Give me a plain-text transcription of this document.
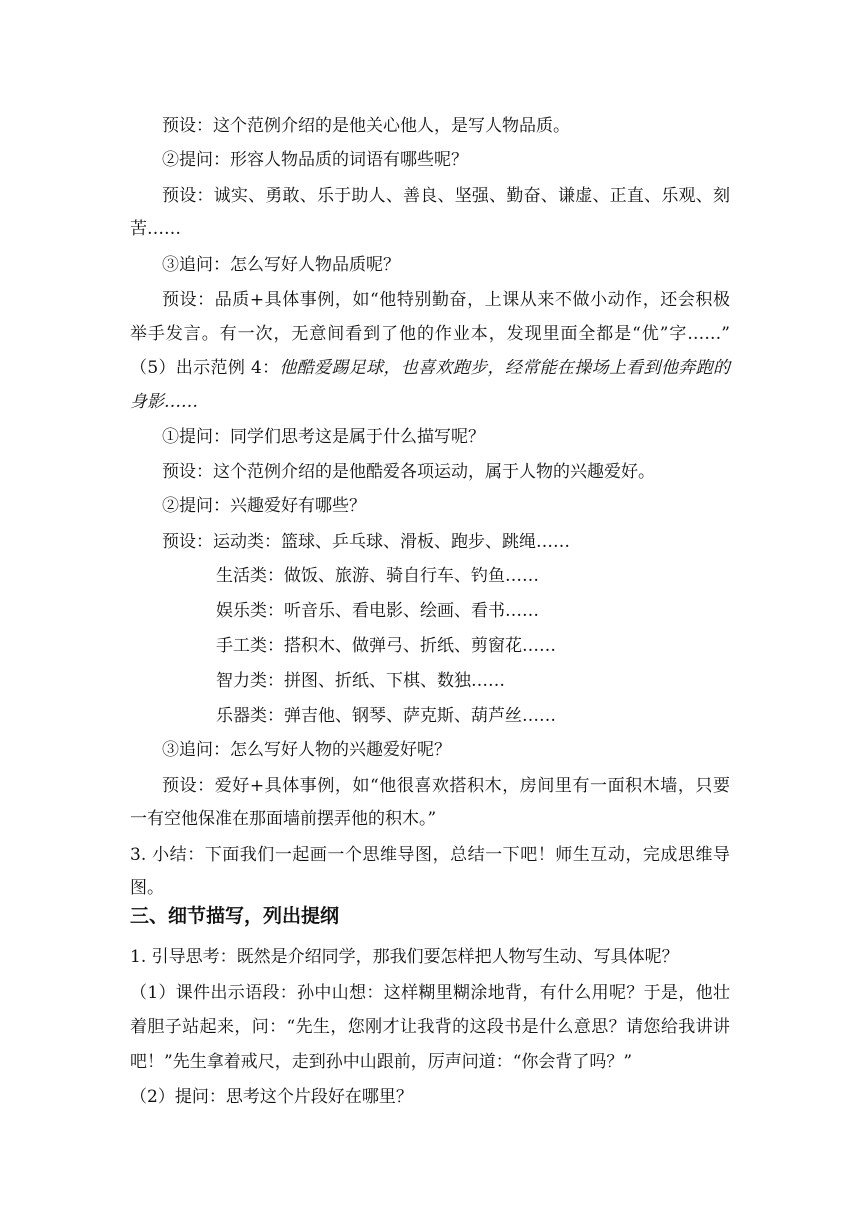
预设：这个范例介绍的是他关心他人，是写人物品质。
②提问：形容人物品质的词语有哪些呢？
预设：诚实、勇敢、乐于助人、善良、坚强、勤奋、谦虚、正直、乐观、刻
苦……
③追问：怎么写好人物品质呢？
预设：品质+具体事例，如“他特别勤奋，上课从来不做小动作，还会积极
举手发言。有一次，无意间看到了他的作业本，发现里面全都是“优”字……”
（5）出示范例 4：他酷爱踢足球，也喜欢跑步，经常能在操场上看到他奔跑的
身影……
①提问：同学们思考这是属于什么描写呢？
预设：这个范例介绍的是他酷爱各项运动，属于人物的兴趣爱好。
②提问：兴趣爱好有哪些？
预设：运动类：篮球、乒乓球、滑板、跑步、跳绳……
生活类：做饭、旅游、骑自行车、钓鱼……
娱乐类：听音乐、看电影、绘画、看书……
手工类：搭积木、做弹弓、折纸、剪窗花……
智力类：拼图、折纸、下棋、数独……
乐器类：弹吉他、钢琴、萨克斯、葫芦丝……
③追问：怎么写好人物的兴趣爱好呢？
预设：爱好+具体事例，如“他很喜欢搭积木，房间里有一面积木墙，只要
一有空他保准在那面墙前摆弄他的积木。”
3. 小结：下面我们一起画一个思维导图，总结一下吧！师生互动，完成思维导
图。
三、细节描写，列出提纲
1. 引导思考：既然是介绍同学，那我们要怎样把人物写生动、写具体呢？
（1）课件出示语段：孙中山想：这样糊里糊涂地背，有什么用呢？于是，他壮
着胆子站起来，问：“先生，您刚才让我背的这段书是什么意思？请您给我讲讲
吧！”先生拿着戒尺，走到孙中山跟前，厉声问道：“你会背了吗？”
（2）提问：思考这个片段好在哪里？
